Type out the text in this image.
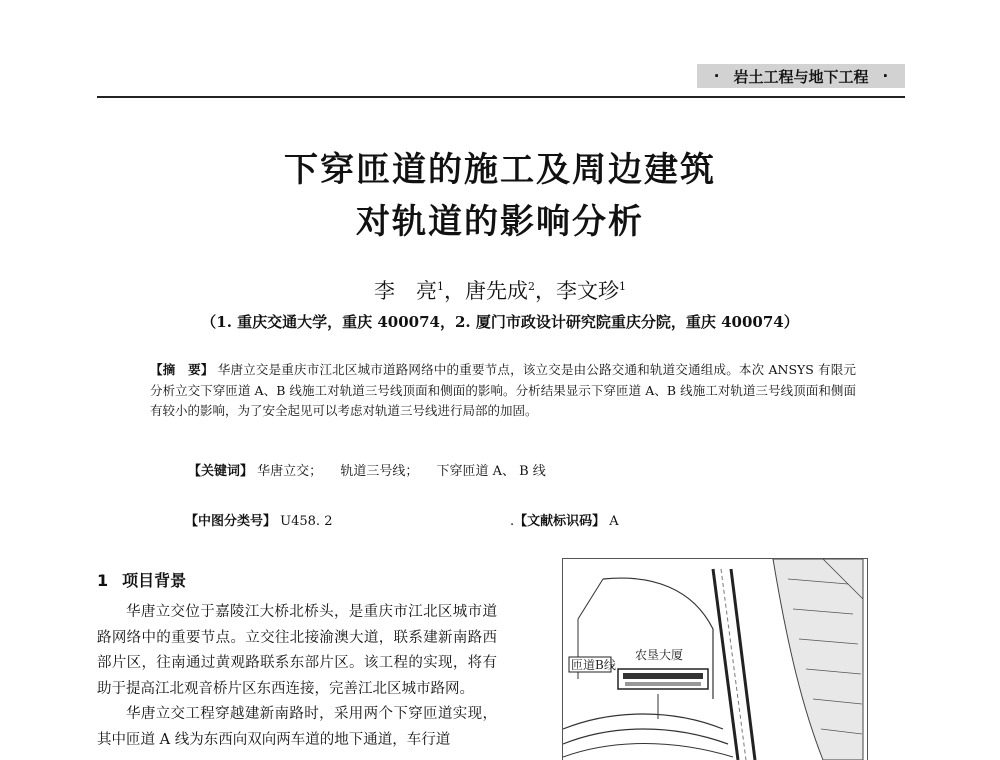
· 岩土工程与地下工程 ·
下穿匝道的施工及周边建筑
对轨道的影响分析
李　亮$^1$，唐先成$^2$，李文珍$^1$
（1. 重庆交通大学，重庆 400074，2. 厦门市政设计研究院重庆分院，重庆 400074）
【摘　要】 华唐立交是重庆市江北区城市道路网络中的重要节点，该立交是由公路交通和轨道交通组成。本次 ANSYS 有限元分析立交下穿匝道 A、B 线施工对轨道三号线顶面和侧面的影响。分析结果显示下穿匝道 A、B 线施工对轨道三号线顶面和侧面有较小的影响，为了安全起见可以考虑对轨道三号线进行局部的加固。
【关键词】 华唐立交； 轨道三号线； 下穿匝道 A、 B 线
【中图分类号】 U458. 2	.【文献标识码】 A
1 项目背景

华唐立交位于嘉陵江大桥北桥头，是重庆市江北区城市道路网络中的重要节点。立交往北接渝澳大道，联系建新南路西部片区，往南通过黄观路联系东部片区。该工程的实现，将有助于提高江北观音桥片区东西连接，完善江北区城市路网。

华唐立交工程穿越建新南路时，采用两个下穿匝道实现，其中匝道 A 线为东西向双向两车道的地下通道，车行道

匝道B线
农垦大厦
